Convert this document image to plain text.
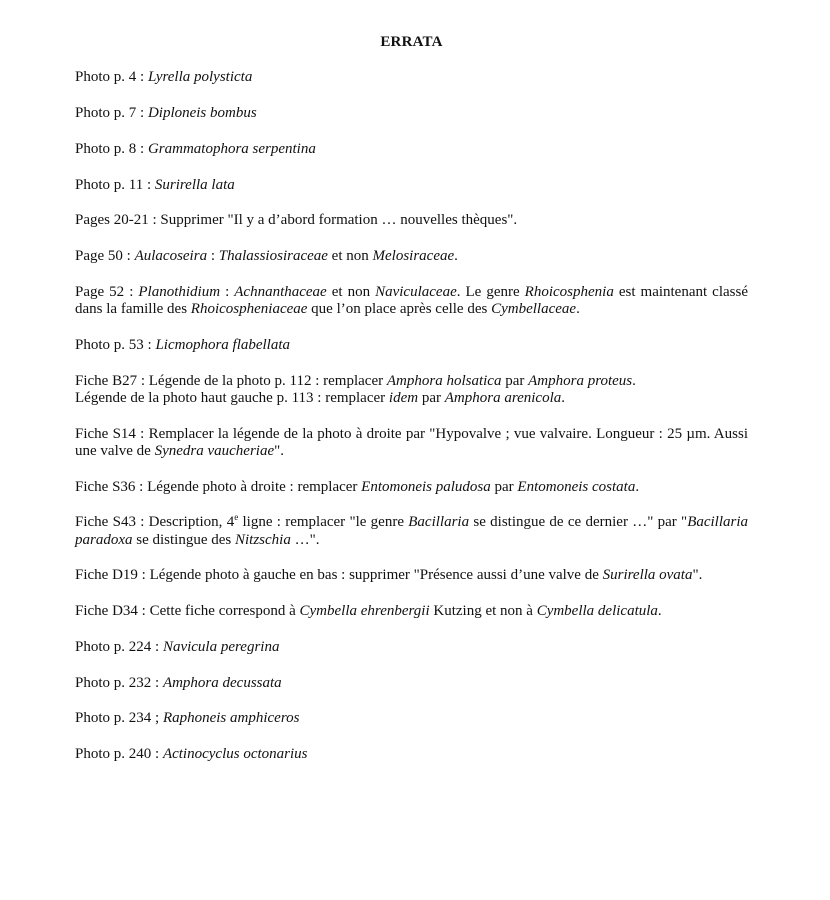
ERRATA
Photo p. 4 : Lyrella polysticta
Photo p. 7 : Diploneis bombus
Photo p. 8 : Grammatophora serpentina
Photo p. 11 : Surirella lata
Pages 20-21 : Supprimer "Il y a d’abord formation … nouvelles thèques".
Page 50 : Aulacoseira : Thalassiosiraceae et non Melosiraceae.
Page 52 : Planothidium : Achnanthaceae et non Naviculaceae. Le genre Rhoicosphenia est maintenant classé dans la famille des Rhoicospheniaceae que l’on place après celle des Cymbellaceae.
Photo p. 53 : Licmophora flabellata

Fiche B27 : Légende de la photo p. 112 : remplacer Amphora holsatica par Amphora proteus.

Légende de la photo haut gauche p. 113 : remplacer idem par Amphora arenicola.

Fiche S14 : Remplacer la légende de la photo à droite par "Hypovalve ; vue valvaire. Longueur : 25 µm. Aussi une valve de Synedra vaucheriae".
Fiche S36 : Légende photo à droite : remplacer Entomoneis paludosa par Entomoneis costata.
Fiche S43 : Description, 4e ligne : remplacer "le genre Bacillaria se distingue de ce dernier …" par "Bacillaria paradoxa se distingue des Nitzschia …".
Fiche D19 : Légende photo à gauche en bas : supprimer "Présence aussi d’une valve de Surirella ovata".
Fiche D34 : Cette fiche correspond à Cymbella ehrenbergii Kutzing et non à Cymbella delicatula.
Photo p. 224 : Navicula peregrina
Photo p. 232 : Amphora decussata
Photo p. 234 ; Raphoneis amphiceros
Photo p. 240 : Actinocyclus octonarius
